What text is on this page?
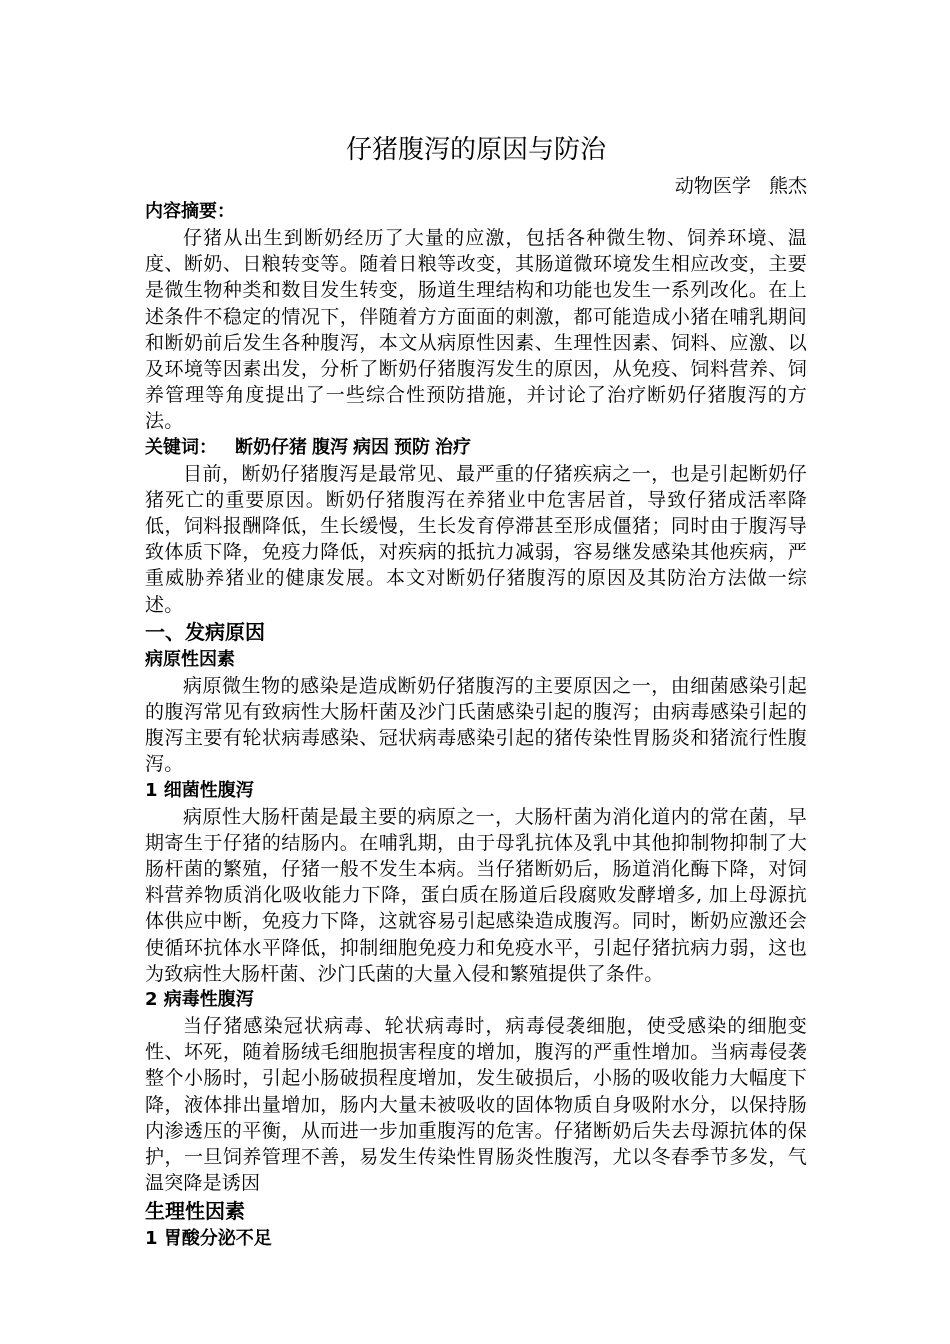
仔猪腹泻的原因与防治
动物医学   熊杰

内容摘要：

仔猪从出生到断奶经历了大量的应激，包括各种微生物、饲养环境、温度、断奶、日粮转变等。随着日粮等改变，其肠道微环境发生相应改变，主要是微生物种类和数目发生转变，肠道生理结构和功能也发生一系列改化。在上述条件不稳定的情况下，伴随着方方面面的刺激，都可能造成小猪在哺乳期间和断奶前后发生各种腹泻，本文从病原性因素、生理性因素、饲料、应激、以及环境等因素出发，分析了断奶仔猪腹泻发生的原因，从免疫、饲料营养、饲养管理等角度提出了一些综合性预防措施，并讨论了治疗断奶仔猪腹泻的方法。

关键词： 断奶仔猪 腹泻 病因 预防 治疗

目前，断奶仔猪腹泻是最常见、最严重的仔猪疾病之一，也是引起断奶仔猪死亡的重要原因。断奶仔猪腹泻在养猪业中危害居首，导致仔猪成活率降低，饲料报酬降低，生长缓慢，生长发育停滞甚至形成僵猪；同时由于腹泻导致体质下降，免疫力降低，对疾病的抵抗力减弱，容易继发感染其他疾病，严重威胁养猪业的健康发展。本文对断奶仔猪腹泻的原因及其防治方法做一综述。

一、发病原因

病原性因素

病原微生物的感染是造成断奶仔猪腹泻的主要原因之一，由细菌感染引起的腹泻常见有致病性大肠杆菌及沙门氏菌感染引起的腹泻；由病毒感染引起的腹泻主要有轮状病毒感染、冠状病毒感染引起的猪传染性胃肠炎和猪流行性腹泻。

1 细菌性腹泻

病原性大肠杆菌是最主要的病原之一，大肠杆菌为消化道内的常在菌，早期寄生于仔猪的结肠内。在哺乳期，由于母乳抗体及乳中其他抑制物抑制了大肠杆菌的繁殖，仔猪一般不发生本病。当仔猪断奶后，肠道消化酶下降，对饲料营养物质消化吸收能力下降，蛋白质在肠道后段腐败发酵增多, 加上母源抗体供应中断，免疫力下降，这就容易引起感染造成腹泻。同时，断奶应激还会使循环抗体水平降低，抑制细胞免疫力和免疫水平，引起仔猪抗病力弱，这也为致病性大肠杆菌、沙门氏菌的大量入侵和繁殖提供了条件。

2 病毒性腹泻

当仔猪感染冠状病毒、轮状病毒时，病毒侵袭细胞，使受感染的细胞变性、坏死，随着肠绒毛细胞损害程度的增加，腹泻的严重性增加。当病毒侵袭整个小肠时，引起小肠破损程度增加，发生破损后，小肠的吸收能力大幅度下降，液体排出量增加，肠内大量未被吸收的固体物质自身吸附水分，以保持肠内渗透压的平衡，从而进一步加重腹泻的危害。仔猪断奶后失去母源抗体的保护，一旦饲养管理不善，易发生传染性胃肠炎性腹泻，尤以冬春季节多发，气温突降是诱因

生理性因素

1 胃酸分泌不足
